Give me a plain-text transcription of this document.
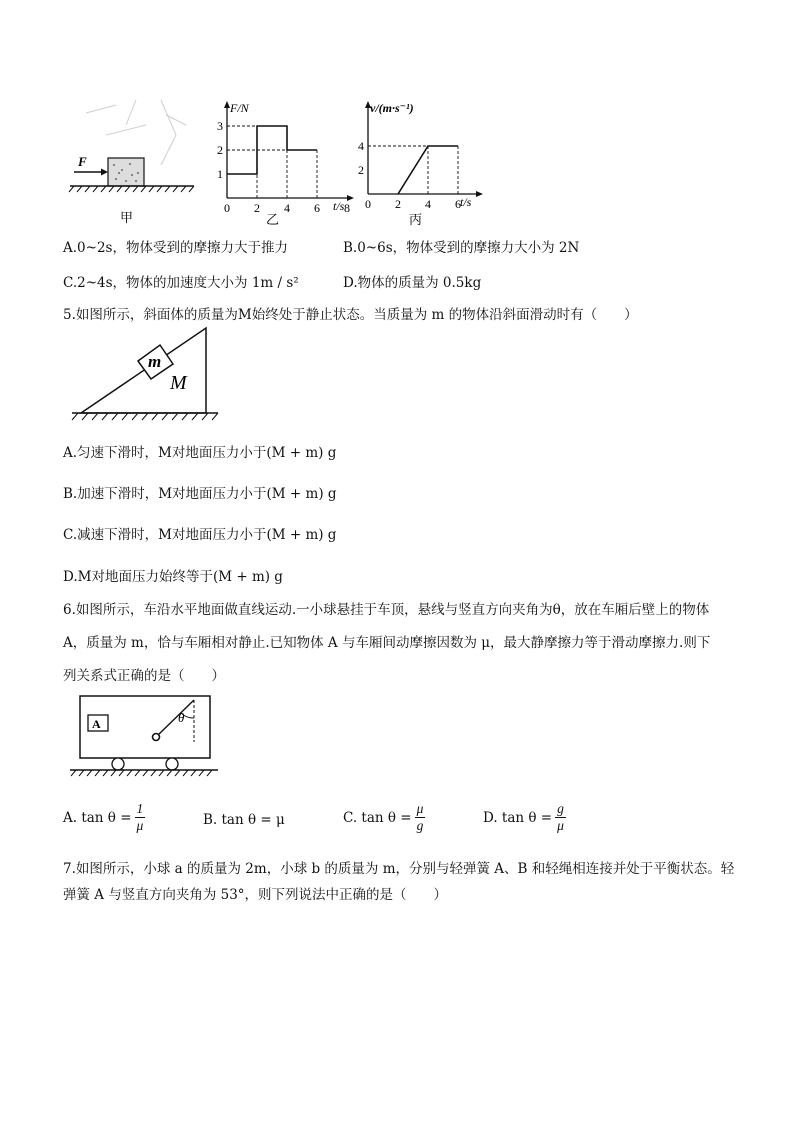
F
甲
F/N
t/s
0 2 4 6 8
1
2
3
乙
v/(m·s⁻¹)
t/s
0 2 4 6
2
4
丙
A.0~2s，物体受到的摩擦力大于推力	B.0~6s，物体受到的摩擦力大小为 2N
C.2~4s，物体的加速度大小为 1m / s²	D.物体的质量为 0.5kg
5.如图所示，斜面体的质量为M始终处于静止状态。当质量为 m 的物体沿斜面滑动时有（　　）
m
M
A.匀速下滑时，M对地面压力小于(M + m) g
B.加速下滑时，M对地面压力小于(M + m) g
C.减速下滑时，M对地面压力小于(M + m) g
D.M对地面压力始终等于(M + m) g
6.如图所示，车沿水平地面做直线运动.一小球悬挂于车顶，悬线与竖直方向夹角为θ，放在车厢后壁上的物体
A，质量为 m，恰与车厢相对静止.已知物体 A 与车厢间动摩擦因数为 μ，最大静摩擦力等于滑动摩擦力.则下
列关系式正确的是（　　）
A	θ
A. $\tan \theta = \frac{1}{\mu}$	B. tan θ = μ	C. $\tan \theta = \frac{\mu}{g}$	D. $\tan \theta = \frac{g}{\mu}$
7.如图所示，小球 a 的质量为 2m，小球 b 的质量为 m，分别与轻弹簧 A、B 和轻绳相连接并处于平衡状态。轻
弹簧 A 与竖直方向夹角为 53°，则下列说法中正确的是（　　）
